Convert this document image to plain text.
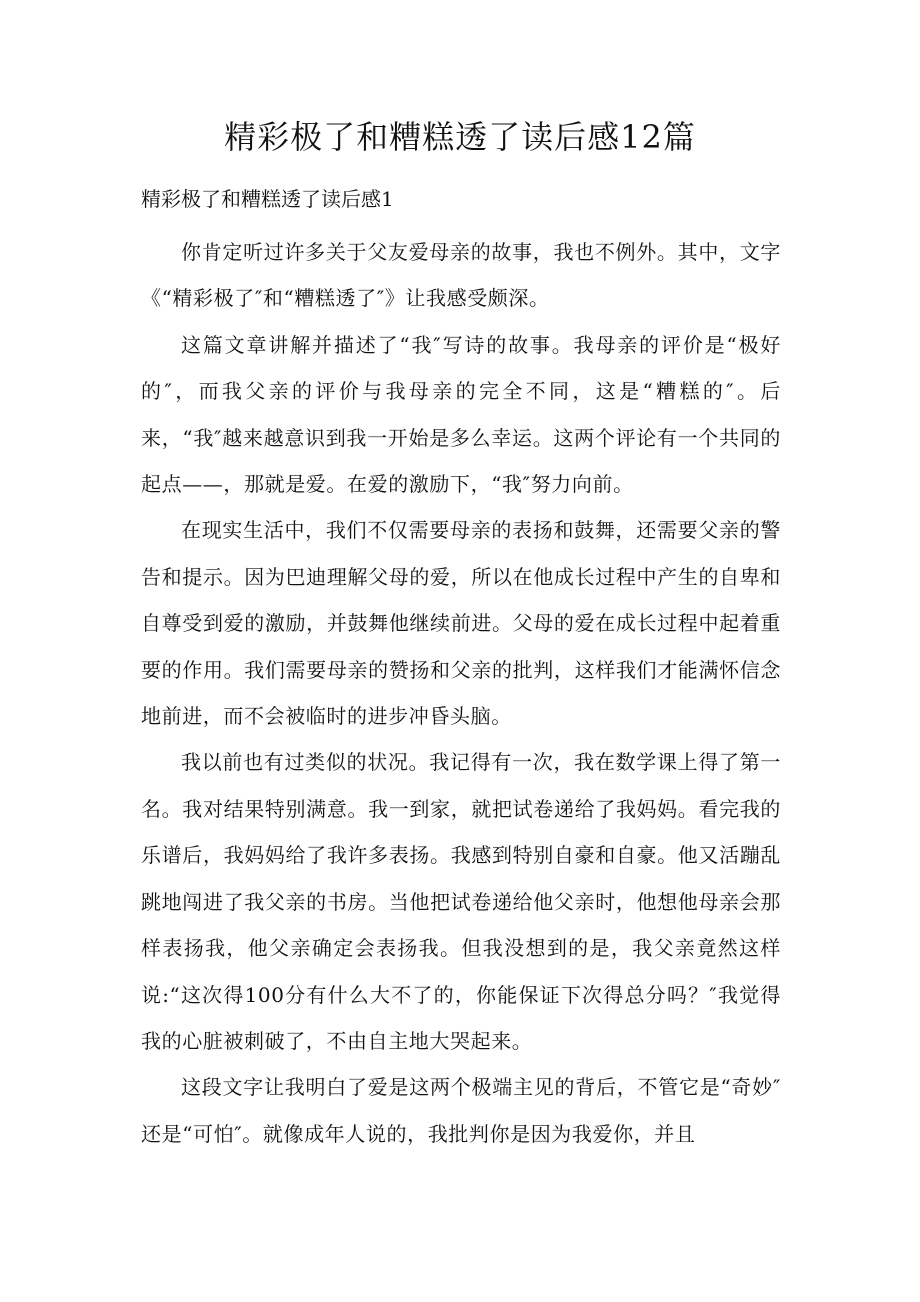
精彩极了和糟糕透了读后感12篇
精彩极了和糟糕透了读后感1

你肯定听过许多关于父友爱母亲的故事，我也不例外。其中，文字《“精彩极了″和“糟糕透了″》让我感受颇深。

这篇文章讲解并描述了“我″写诗的故事。我母亲的评价是“极好的″，而我父亲的评价与我母亲的完全不同，这是“糟糕的″。后来，“我″越来越意识到我一开始是多么幸运。这两个评论有一个共同的起点——，那就是爱。在爱的激励下，“我″努力向前。

在现实生活中，我们不仅需要母亲的表扬和鼓舞，还需要父亲的警告和提示。因为巴迪理解父母的爱，所以在他成长过程中产生的自卑和自尊受到爱的激励，并鼓舞他继续前进。父母的爱在成长过程中起着重要的作用。我们需要母亲的赞扬和父亲的批判，这样我们才能满怀信念地前进，而不会被临时的进步冲昏头脑。

我以前也有过类似的状况。我记得有一次，我在数学课上得了第一名。我对结果特别满意。我一到家，就把试卷递给了我妈妈。看完我的乐谱后，我妈妈给了我许多表扬。我感到特别自豪和自豪。他又活蹦乱跳地闯进了我父亲的书房。当他把试卷递给他父亲时，他想他母亲会那样表扬我，他父亲确定会表扬我。但我没想到的是，我父亲竟然这样说:“这次得100分有什么大不了的，你能保证下次得总分吗？″我觉得我的心脏被刺破了，不由自主地大哭起来。

这段文字让我明白了爱是这两个极端主见的背后，不管它是“奇妙″还是“可怕″。就像成年人说的，我批判你是因为我爱你，并且
